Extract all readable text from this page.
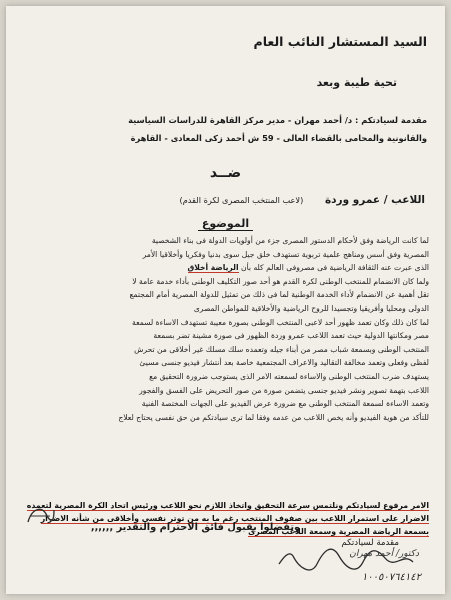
السيد المستشار النائب العام
تحية طيبة وبعد
مقدمة لسيادتكم : د/ أحمد مهران - مدير مركز القاهرة للدراسات السياسية
والقانونية والمحامى بالقضاء العالى - 59 ش أحمد زكى المعادى - القاهرة
ضــد
اللاعب / عمرو وردة (لاعب المنتخب المصرى لكرة القدم)
الموضوع

لما كانت الرياضة وفق لأحكام الدستور المصرى جزء من أولويات الدولة فى بناء الشخصية

المصرية وفق أسس ومناهج علمية تربوية تستهدف خلق جيل سوى بدنيا وفكريا وأخلاقيا الأمر

الذى عبرت عنه الثقافة الرياضية فى مصروفى العالم كله بأن الرياضة أخلاق

ولما كان الانضمام للمنتخب الوطنى لكرة القدم هو أحد صور التكليف الوطنى بأداء خدمة عامة لا

تقل أهمية عن الانضمام لأداء الخدمة الوطنية لما فى ذلك من تمثيل للدولة المصرية أمام المجتمع

الدولى ومحليا وأفريقيا وتجسيدا للروح الرياضية والأخلاقية للمواطن المصرى

لما كان ذلك وكان تعمد ظهور أحد لاعبى المنتخب الوطنى بصورة معيبة تستهدف الاساءة لسمعة

مصر ومكانتها الدولية حيث تعمد اللاعب عمرو وردة الظهور فى صورة مشينة تضر بسمعة

المنتخب الوطنى وبسمعة شباب مصر من أبناء جيله وتعمده سلك مسلك غير أخلاقى من تحرش

لفظى وفعلى وتعمد مخالفة التقاليد والاعراف المجتمعية خاصة بعد أنتشار فيديو جنسى مسيئ

يستهدف ضرب المنتخب الوطنى والاساءة لسمعته الامر الذى يستوجب ضرورة التحقيق مع

اللاعب بتهمة تصوير ونشر فيديو جنسى يتضمن صورة من صور التحريض على الفسق والفجور

وتعمد الاساءة لسمعة المنتخب الوطنى مع ضرورة عرض الفيديو على الجهات المختصة الفنية

للتأكد من هوية الفيديو وأنه يخص اللاعب من عدمه وفقا لما ترى سيادتكم من حق نفسى يحتاج لعلاج

الامر مرفوع لسيادتكم ونلتمس سرعة التحقيق واتخاذ اللازم نحو اللاعب ورئيس اتحاد الكرة المصرية لتعمده الاضرار على استمرار اللاعب بين صفوف المنتخب رغم ما به من توتر نفسى وأخلاقى من شأنه الاضرار بسمعة الرياضة المصرية وسمعة اللاعب المصرى
وتفضلوا بقبول فائق الاحترام والتقدير ,,,,,,
مقدمة لسيادتكم
دكتور/ أحمد مهران
١٠٠٥٠٧٦٤١٤٢
